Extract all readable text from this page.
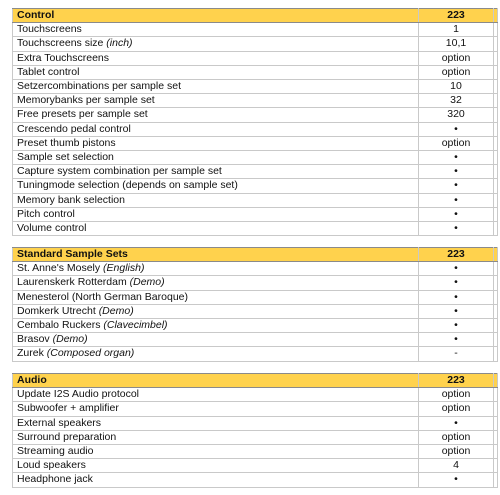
Control	223	
Touchscreens	1	
Touchscreens size (inch)	10,1	
Extra Touchscreens	option	
Tablet control	option	
Setzercombinations per sample set	10	
Memorybanks per sample set	32	
Free presets per sample set	320	
Crescendo pedal control	•	
Preset thumb pistons	option	
Sample set selection	•	
Capture system combination per sample set	•	
Tuningmode selection (depends on sample set)	•	
Memory bank selection	•	
Pitch control	•	
Volume control	•	
Standard Sample Sets	223	
St. Anne's Mosely (English)	•	
Laurenskerk Rotterdam (Demo)	•	
Menesterol (North German Baroque)	•	
Domkerk Utrecht (Demo)	•	
Cembalo Ruckers (Clavecimbel)	•	
Brasov (Demo)	•	
Zurek (Composed organ)	-	
Audio	223	
Update I2S Audio protocol	option	
Subwoofer + amplifier	option	
External speakers	•	
Surround preparation	option	
Streaming audio	option	
Loud speakers	4	
Headphone jack	•	
